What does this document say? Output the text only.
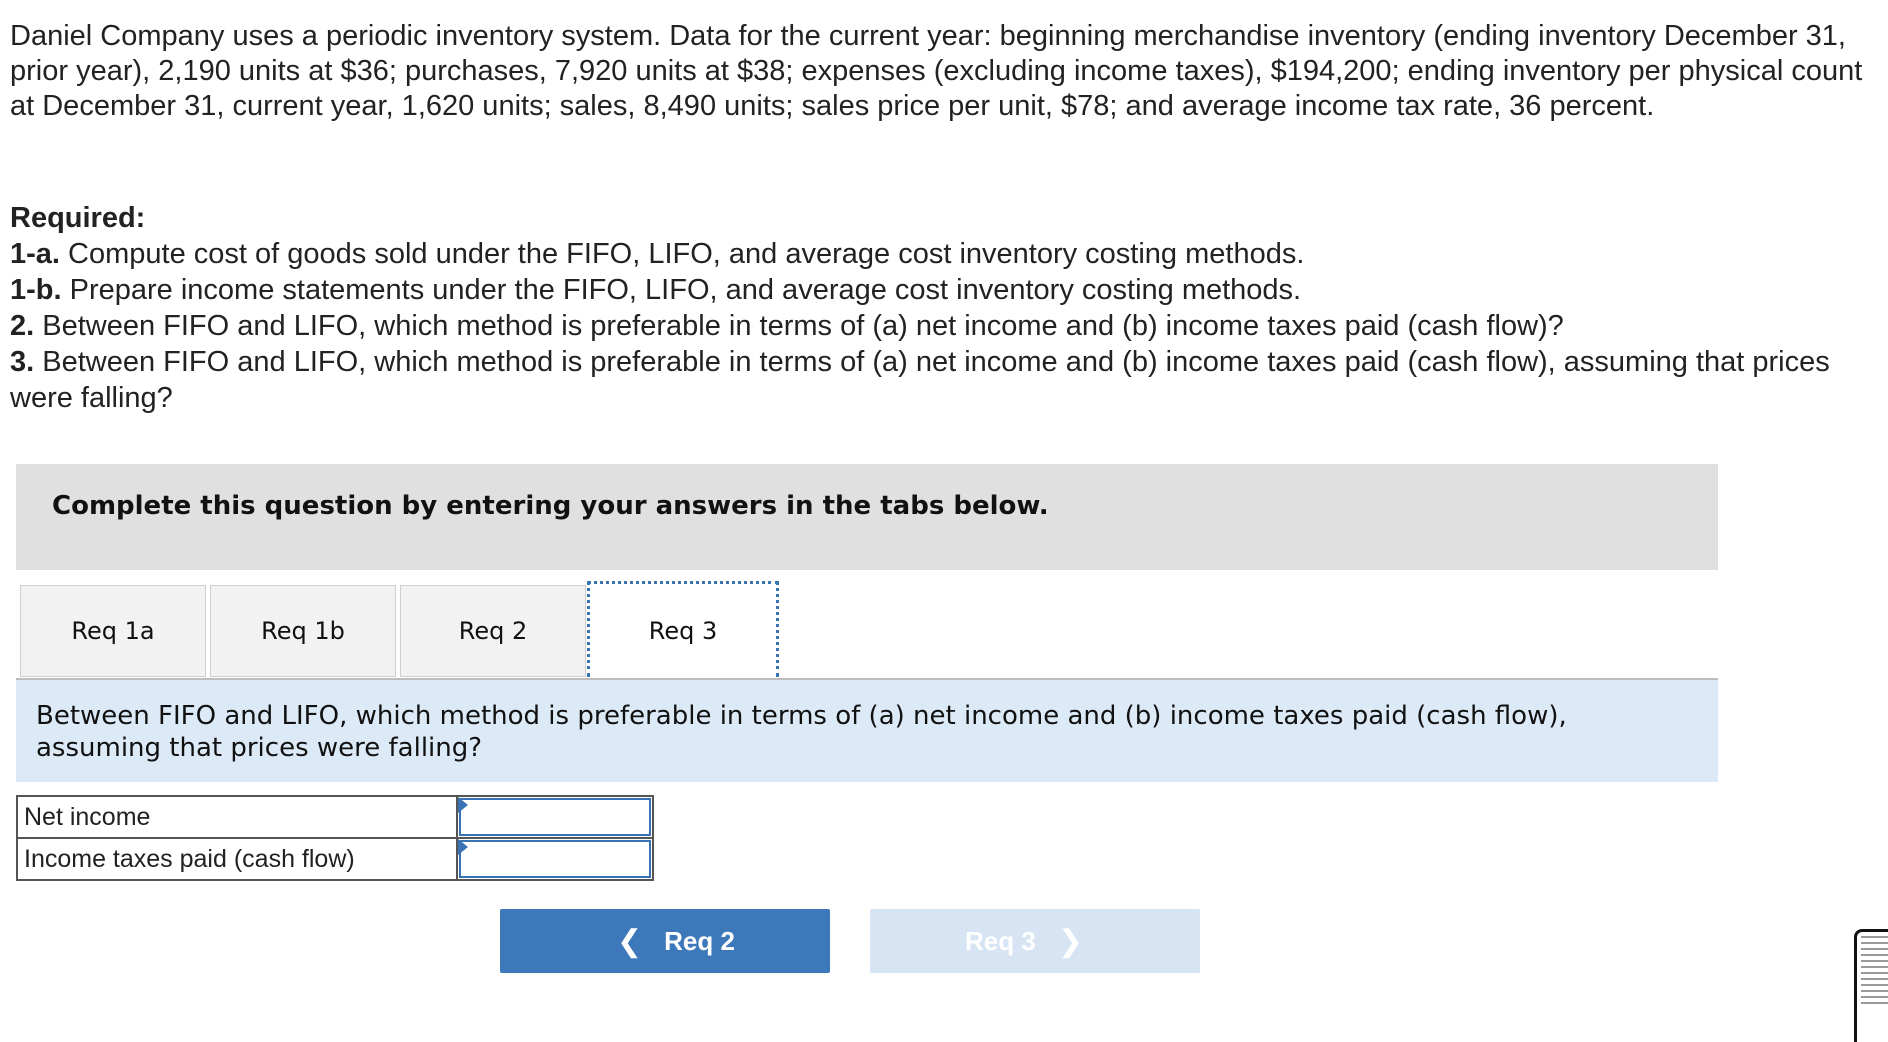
Daniel Company uses a periodic inventory system. Data for the current year: beginning merchandise inventory (ending inventory December 31, prior year), 2,190 units at $36; purchases, 7,920 units at $38; expenses (excluding income taxes), $194,200; ending inventory per physical count at December 31, current year, 1,620 units; sales, 8,490 units; sales price per unit, $78; and average income tax rate, 36 percent.

Required:
1-a. Compute cost of goods sold under the FIFO, LIFO, and average cost inventory costing methods.
1-b. Prepare income statements under the FIFO, LIFO, and average cost inventory costing methods.
2. Between FIFO and LIFO, which method is preferable in terms of (a) net income and (b) income taxes paid (cash flow)?
3. Between FIFO and LIFO, which method is preferable in terms of (a) net income and (b) income taxes paid (cash flow), assuming that prices were falling?
Complete this question by entering your answers in the tabs below.
Req 1a	Req 1b	Req 2	Req 3
Between FIFO and LIFO, which method is preferable in terms of (a) net income and (b) income taxes paid (cash flow), assuming that prices were falling?
Net income	

Income taxes paid (cash flow)	
❮ Req 2	Req 3 ❯
